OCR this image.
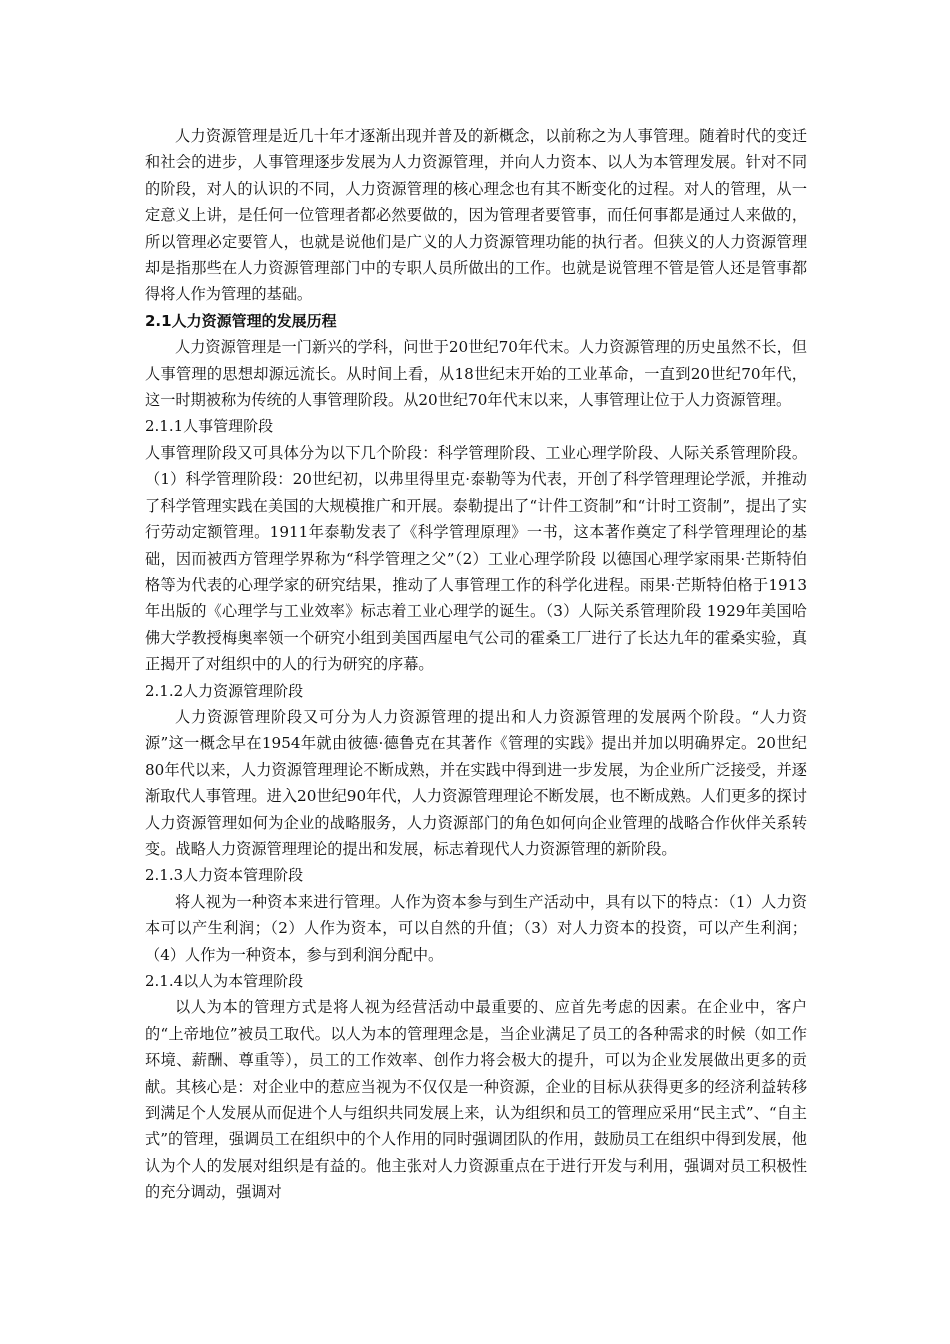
人力资源管理是近几十年才逐渐出现并普及的新概念，以前称之为人事管理。随着时代的变迁和社会的进步，人事管理逐步发展为人力资源管理，并向人力资本、以人为本管理发展。针对不同的阶段，对人的认识的不同，人力资源管理的核心理念也有其不断变化的过程。对人的管理，从一定意义上讲，是任何一位管理者都必然要做的，因为管理者要管事，而任何事都是通过人来做的，所以管理必定要管人，也就是说他们是广义的人力资源管理功能的执行者。但狭义的人力资源管理却是指那些在人力资源管理部门中的专职人员所做出的工作。也就是说管理不管是管人还是管事都得将人作为管理的基础。

2.1人力资源管理的发展历程

人力资源管理是一门新兴的学科，问世于20世纪70年代末。人力资源管理的历史虽然不长，但人事管理的思想却源远流长。从时间上看，从18世纪末开始的工业革命，一直到20世纪70年代，这一时期被称为传统的人事管理阶段。从20世纪70年代末以来，人事管理让位于人力资源管理。

2.1.1人事管理阶段

人事管理阶段又可具体分为以下几个阶段：科学管理阶段、工业心理学阶段、人际关系管理阶段。（1）科学管理阶段：20世纪初，以弗里得里克·泰勒等为代表，开创了科学管理理论学派，并推动了科学管理实践在美国的大规模推广和开展。泰勒提出了“计件工资制”和“计时工资制”，提出了实行劳动定额管理。1911年泰勒发表了《科学管理原理》一书，这本著作奠定了科学管理理论的基础，因而被西方管理学界称为“科学管理之父”（2）工业心理学阶段 以德国心理学家雨果·芒斯特伯格等为代表的心理学家的研究结果，推动了人事管理工作的科学化进程。雨果·芒斯特伯格于1913年出版的《心理学与工业效率》标志着工业心理学的诞生。（3）人际关系管理阶段 1929年美国哈佛大学教授梅奥率领一个研究小组到美国西屋电气公司的霍桑工厂进行了长达九年的霍桑实验，真正揭开了对组织中的人的行为研究的序幕。

2.1.2人力资源管理阶段

人力资源管理阶段又可分为人力资源管理的提出和人力资源管理的发展两个阶段。“人力资源”这一概念早在1954年就由彼德·德鲁克在其著作《管理的实践》提出并加以明确界定。20世纪80年代以来，人力资源管理理论不断成熟，并在实践中得到进一步发展，为企业所广泛接受，并逐渐取代人事管理。进入20世纪90年代，人力资源管理理论不断发展，也不断成熟。人们更多的探讨人力资源管理如何为企业的战略服务，人力资源部门的角色如何向企业管理的战略合作伙伴关系转变。战略人力资源管理理论的提出和发展，标志着现代人力资源管理的新阶段。

2.1.3人力资本管理阶段

将人视为一种资本来进行管理。人作为资本参与到生产活动中，具有以下的特点：（1）人力资本可以产生利润；（2）人作为资本，可以自然的升值；（3）对人力资本的投资，可以产生利润；（4）人作为一种资本，参与到利润分配中。

2.1.4以人为本管理阶段

以人为本的管理方式是将人视为经营活动中最重要的、应首先考虑的因素。在企业中，客户的“上帝地位”被员工取代。以人为本的管理理念是，当企业满足了员工的各种需求的时候（如工作环境、薪酬、尊重等），员工的工作效率、创作力将会极大的提升，可以为企业发展做出更多的贡献。其核心是：对企业中的惹应当视为不仅仅是一种资源，企业的目标从获得更多的经济利益转移到满足个人发展从而促进个人与组织共同发展上来，认为组织和员工的管理应采用“民主式”、“自主式”的管理，强调员工在组织中的个人作用的同时强调团队的作用，鼓励员工在组织中得到发展，他认为个人的发展对组织是有益的。他主张对人力资源重点在于进行开发与利用，强调对员工积极性的充分调动，强调对
